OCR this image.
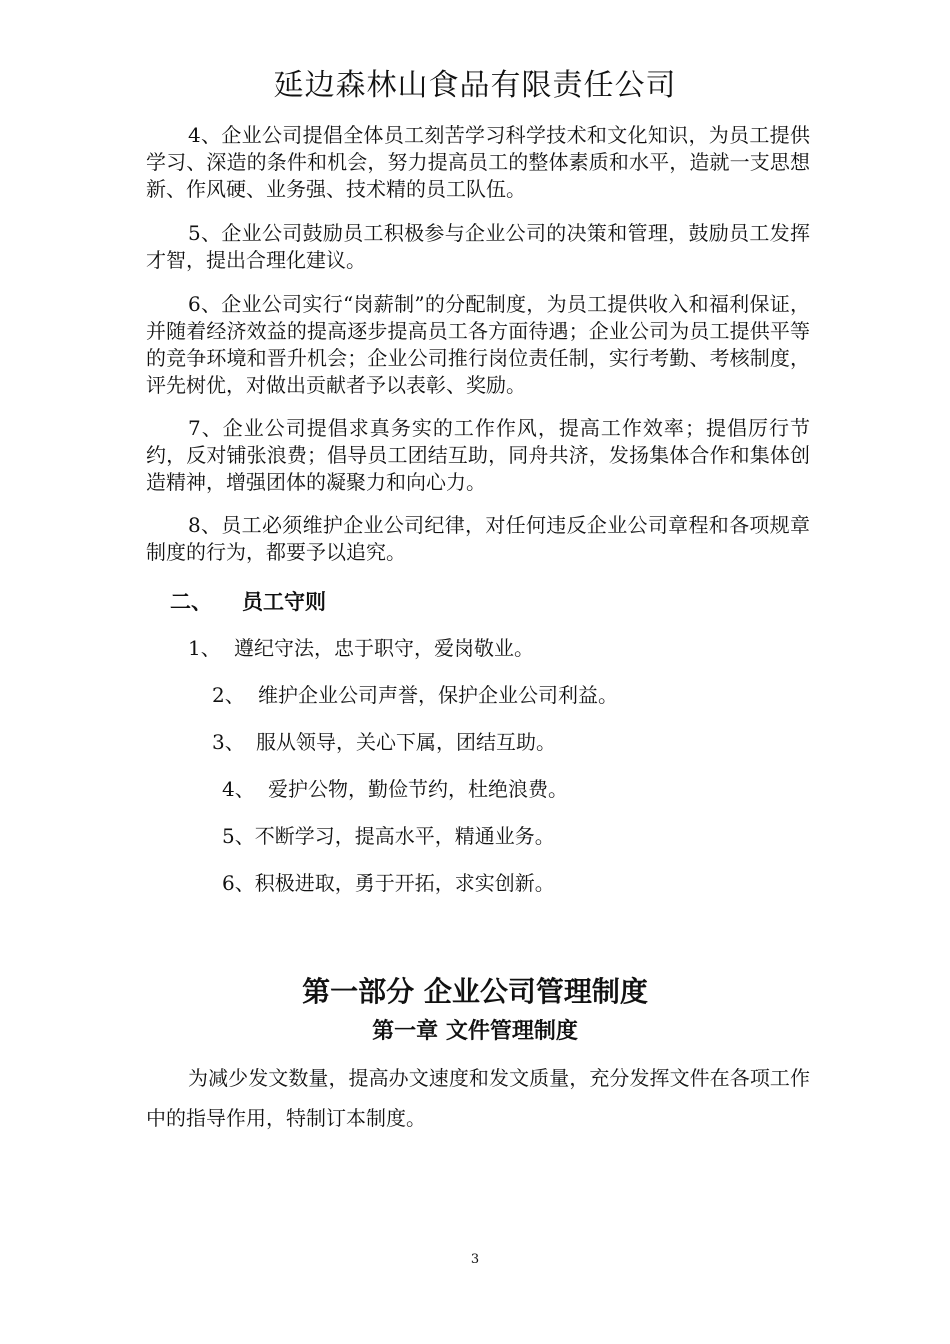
延边森林山食品有限责任公司

4、企业公司提倡全体员工刻苦学习科学技术和文化知识，为员工提供学习、深造的条件和机会，努力提高员工的整体素质和水平，造就一支思想新、作风硬、业务强、技术精的员工队伍。

5、企业公司鼓励员工积极参与企业公司的决策和管理，鼓励员工发挥才智，提出合理化建议。

6、企业公司实行“岗薪制”的分配制度，为员工提供收入和福利保证，并随着经济效益的提高逐步提高员工各方面待遇；企业公司为员工提供平等的竞争环境和晋升机会；企业公司推行岗位责任制，实行考勤、考核制度，评先树优，对做出贡献者予以表彰、奖励。

7、企业公司提倡求真务实的工作作风，提高工作效率；提倡厉行节约，反对铺张浪费；倡导员工团结互助，同舟共济，发扬集体合作和集体创造精神，增强团体的凝聚力和向心力。

8、员工必须维护企业公司纪律，对任何违反企业公司章程和各项规章制度的行为，都要予以追究。

二、 员工守则
1、 遵纪守法，忠于职守，爱岗敬业。
2、 维护企业公司声誉，保护企业公司利益。
3、 服从领导，关心下属，团结互助。
4、 爱护公物，勤俭节约，杜绝浪费。
5、不断学习，提高水平，精通业务。
6、积极进取，勇于开拓，求实创新。
第一部分 企业公司管理制度
第一章 文件管理制度

为减少发文数量，提高办文速度和发文质量，充分发挥文件在各项工作中的指导作用，特制订本制度。

3
